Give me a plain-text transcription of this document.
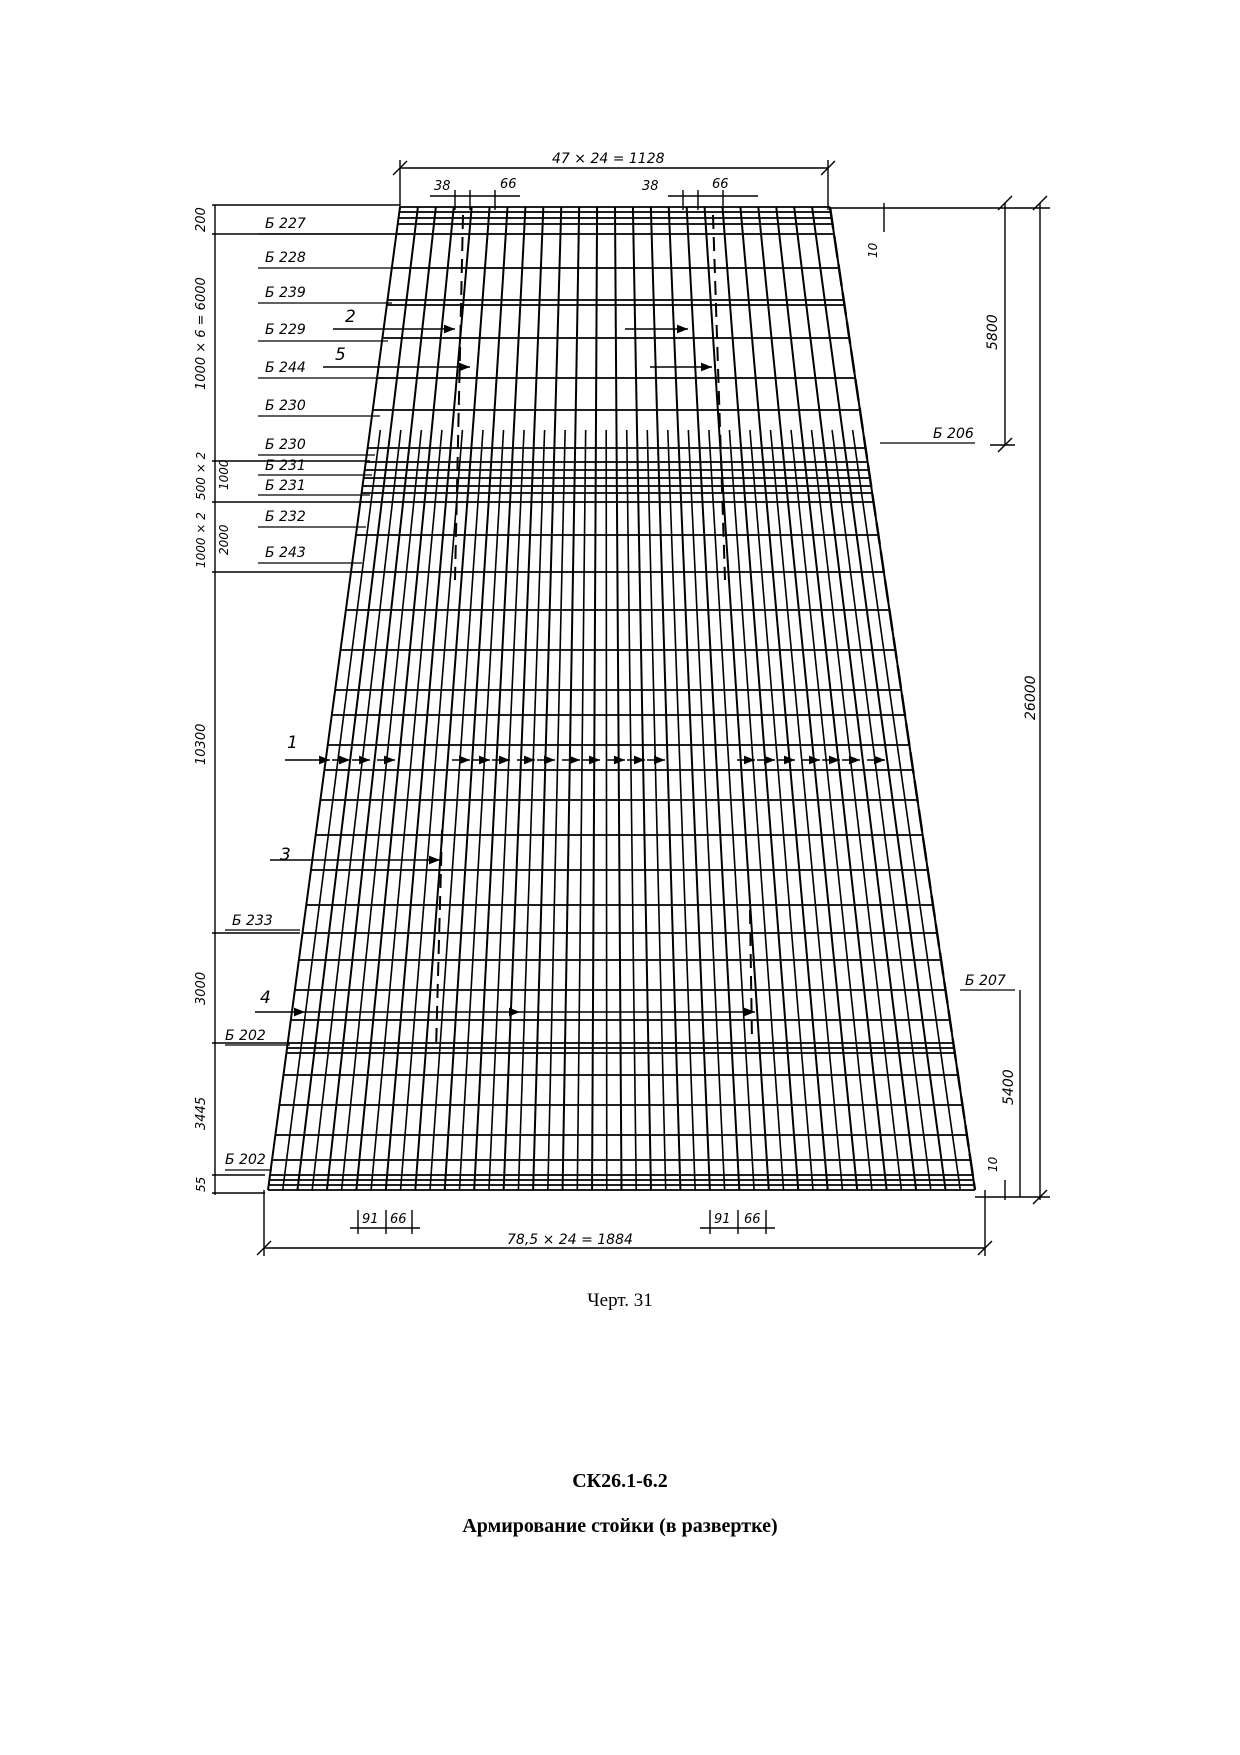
47 × 24 = 1128
38	66	38	66
78,5 × 24 = 1884
91 66	91 66
Б 227
Б 228
Б 239
Б 229
Б 244
Б 230
Б 230
Б 231
Б 231
Б 232
Б 243
Б 233
Б 202
Б 202
Б 206
Б 207
200
1000 × 6 = 6000
500 × 2 1000
1000 × 2 2000
10300
3000
3445
55
10
5800
26000
5400
10
1
2
3
4
5
Черт. 31
СК26.1-6.2
Армирование стойки (в развертке)
